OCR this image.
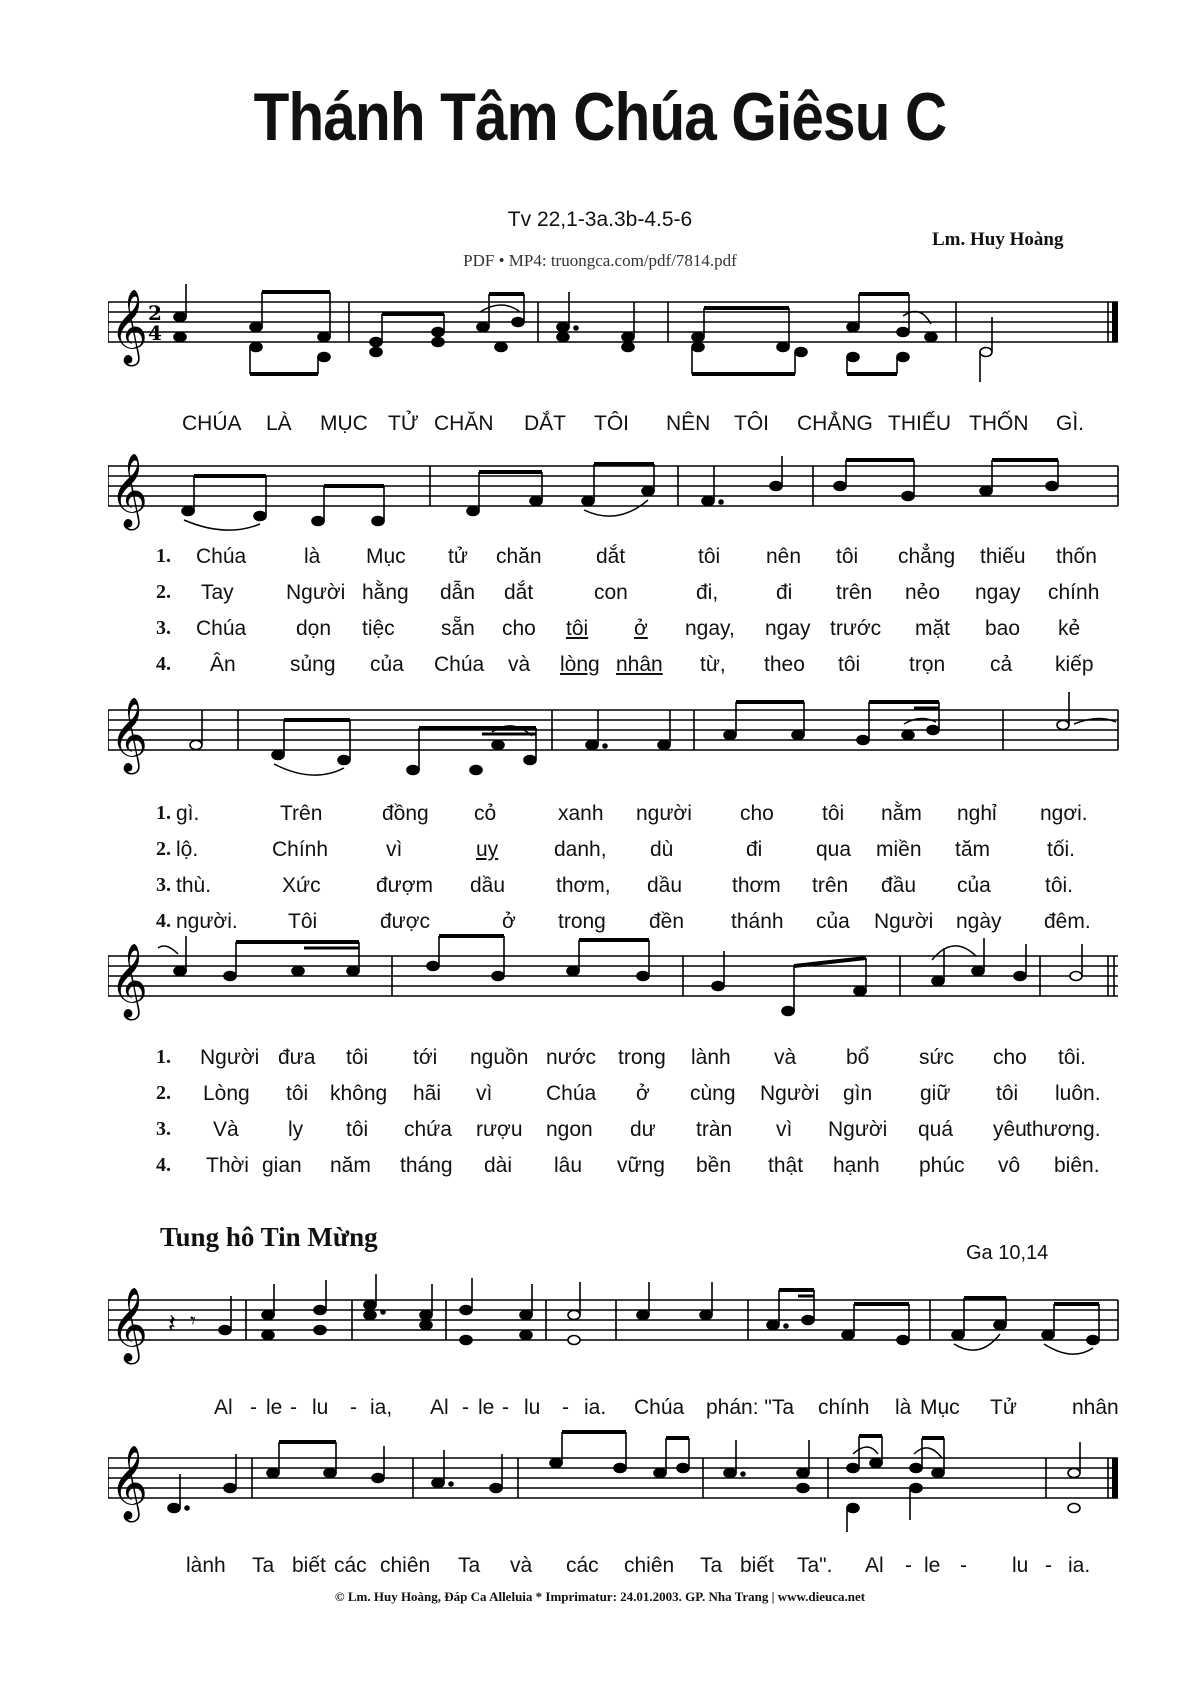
Thánh Tâm Chúa Giêsu C
Tv 22,1-3a.3b-4.5-6
PDF • MP4: truongca.com/pdf/7814.pdf
Lm. Huy Hoàng
𝄞 2
4
CHÚA LÀ MỤC TỬ CHĂN DẮT TÔI NÊN TÔI CHẲNG THIẾU THỐN GÌ.
𝄞
1. Chúa	là Mục tử chăn	dắt	tôi nên tôi chẳng thiếu thốn
2. Tay Người hằng dẫn dắt	con	đi,	đi trên nẻo ngay chính
3. Chúa dọn tiệc sẵn cho tôi ở ngay, ngay trước mặt bao kẻ
4. Ân	sủng của Chúa và lòng nhân từ, theo tôi trọn cả kiếp
𝄞
1. gì.	Trên	đồng cỏ	xanh người cho tôi nằm nghỉ ngơi.
2. lộ.	Chính	vì	uy	danh, dù	đi	qua miền tăm	tối.
3. thù.	Xức	đượm dầu thơm, dầu thơm trên đầu của	tôi.
4. người. Tôi	được	ở trong đền thánh của Người ngày đêm.
𝄞
1. Người đưa tôi tới nguồn nước trong lành và bổ sức cho tôi.
2. Lòng tôi không hãi vì	Chúa ở cùng Người gìn giữ tôi luôn.
3. Và ly tôi chứa rượu ngon dư tràn vì Người quá yêu thương.
4. Thời gian năm tháng dài lâu vững bền thật hạnh phúc vô biên.
Tung hô Tin Mừng
Ga 10,14
𝄞 𝄽 𝄾
Al - le - lu - ia, Al - le - lu - ia. Chúa phán: "Ta chính là Mục Tử	nhân
𝄞
lành Ta biết các chiên Ta và các chiên Ta biết Ta". Al - le - lu - ia.
© Lm. Huy Hoàng, Đáp Ca Alleluia * Imprimatur: 24.01.2003. GP. Nha Trang | www.dieuca.net
